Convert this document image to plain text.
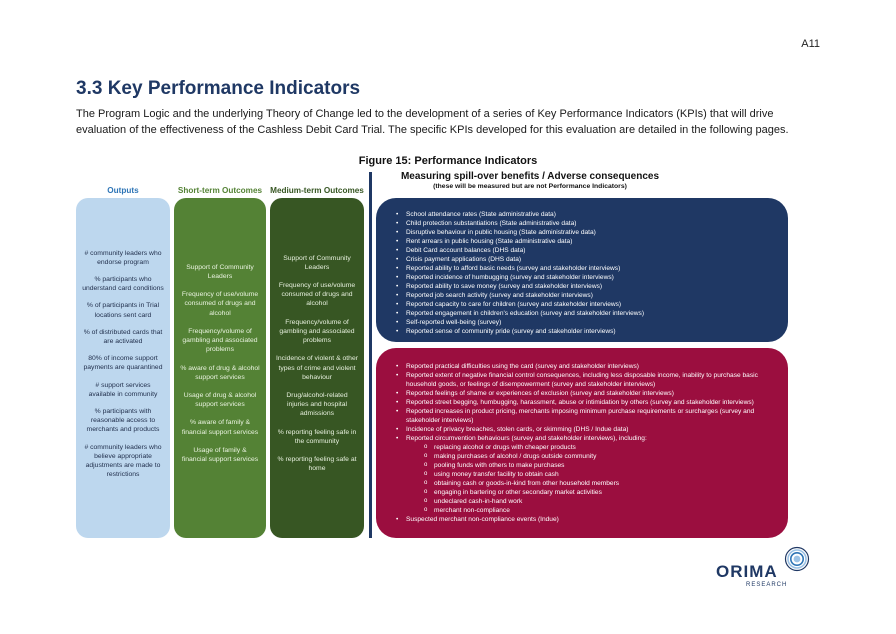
A11
3.3 Key Performance Indicators

The Program Logic and the underlying Theory of Change led to the development of a series of Key Performance Indicators (KPIs) that will drive evaluation of the effectiveness of the Cashless Debit Card Trial. The specific KPIs developed for this evaluation are detailed in the following pages.

Figure 15: Performance Indicators
Outputs	Short-term Outcomes Medium-term Outcomes
Measuring spill-over benefits / Adverse consequences
(these will be measured but are not Performance Indicators)
# community leaders who endorse program
% participants who understand card conditions
% of participants in Trial locations sent card
% of distributed cards that are activated
80% of income support payments are quarantined
# support services available in community
% participants with reasonable access to merchants and products
# community leaders who believe appropriate adjustments are made to restrictions
Support of Community Leaders
Frequency of use/volume consumed of drugs and alcohol
Frequency/volume of gambling and associated problems
% aware of drug & alcohol support services
Usage of drug & alcohol support services
% aware of family & financial support services
Usage of family & financial support services
Support of Community Leaders
Frequency of use/volume consumed of drugs and alcohol
Frequency/volume of gambling and associated problems
Incidence of violent & other types of crime and violent behaviour
Drug/alcohol-related injuries and hospital admissions
% reporting feeling safe in the community
% reporting feeling safe at home
• School attendance rates (State administrative data)
• Child protection substantiations (State administrative data)
• Disruptive behaviour in public housing (State administrative data)
• Rent arrears in public housing (State administrative data)
• Debit Card account balances (DHS data)
• Crisis payment applications (DHS data)
• Reported ability to afford basic needs (survey and stakeholder interviews)
• Reported incidence of humbugging (survey and stakeholder interviews)
• Reported ability to save money (survey and stakeholder interviews)
• Reported job search activity (survey and stakeholder interviews)
• Reported capacity to care for children (survey and stakeholder interviews)
• Reported engagement in children's education (survey and stakeholder interviews)
• Self-reported well-being (survey)
• Reported sense of community pride (survey and stakeholder interviews)
• Reported practical difficulties using the card (survey and stakeholder interviews)
• Reported extent of negative financial control consequences, including less disposable income, inability to purchase basic household goods, or feelings of disempowerment (survey and stakeholder interviews)
• Reported feelings of shame or experiences of exclusion (survey and stakeholder interviews)
• Reported street begging, humbugging, harassment, abuse or intimidation by others (survey and stakeholder interviews)
• Reported increases in product pricing, merchants imposing minimum purchase requirements or surcharges (survey and stakeholder interviews)
• Incidence of privacy breaches, stolen cards, or skimming (DHS / Indue data)
• Reported circumvention behaviours (survey and stakeholder interviews), including:
o replacing alcohol or drugs with cheaper products
o making purchases of alcohol / drugs outside community
o pooling funds with others to make purchases
o using money transfer facility to obtain cash
o obtaining cash or goods-in-kind from other household members
o engaging in bartering or other secondary market activities
o undeclared cash-in-hand work
o merchant non-compliance
• Suspected merchant non-compliance events (Indue)
ORIMA
RESEARCH
